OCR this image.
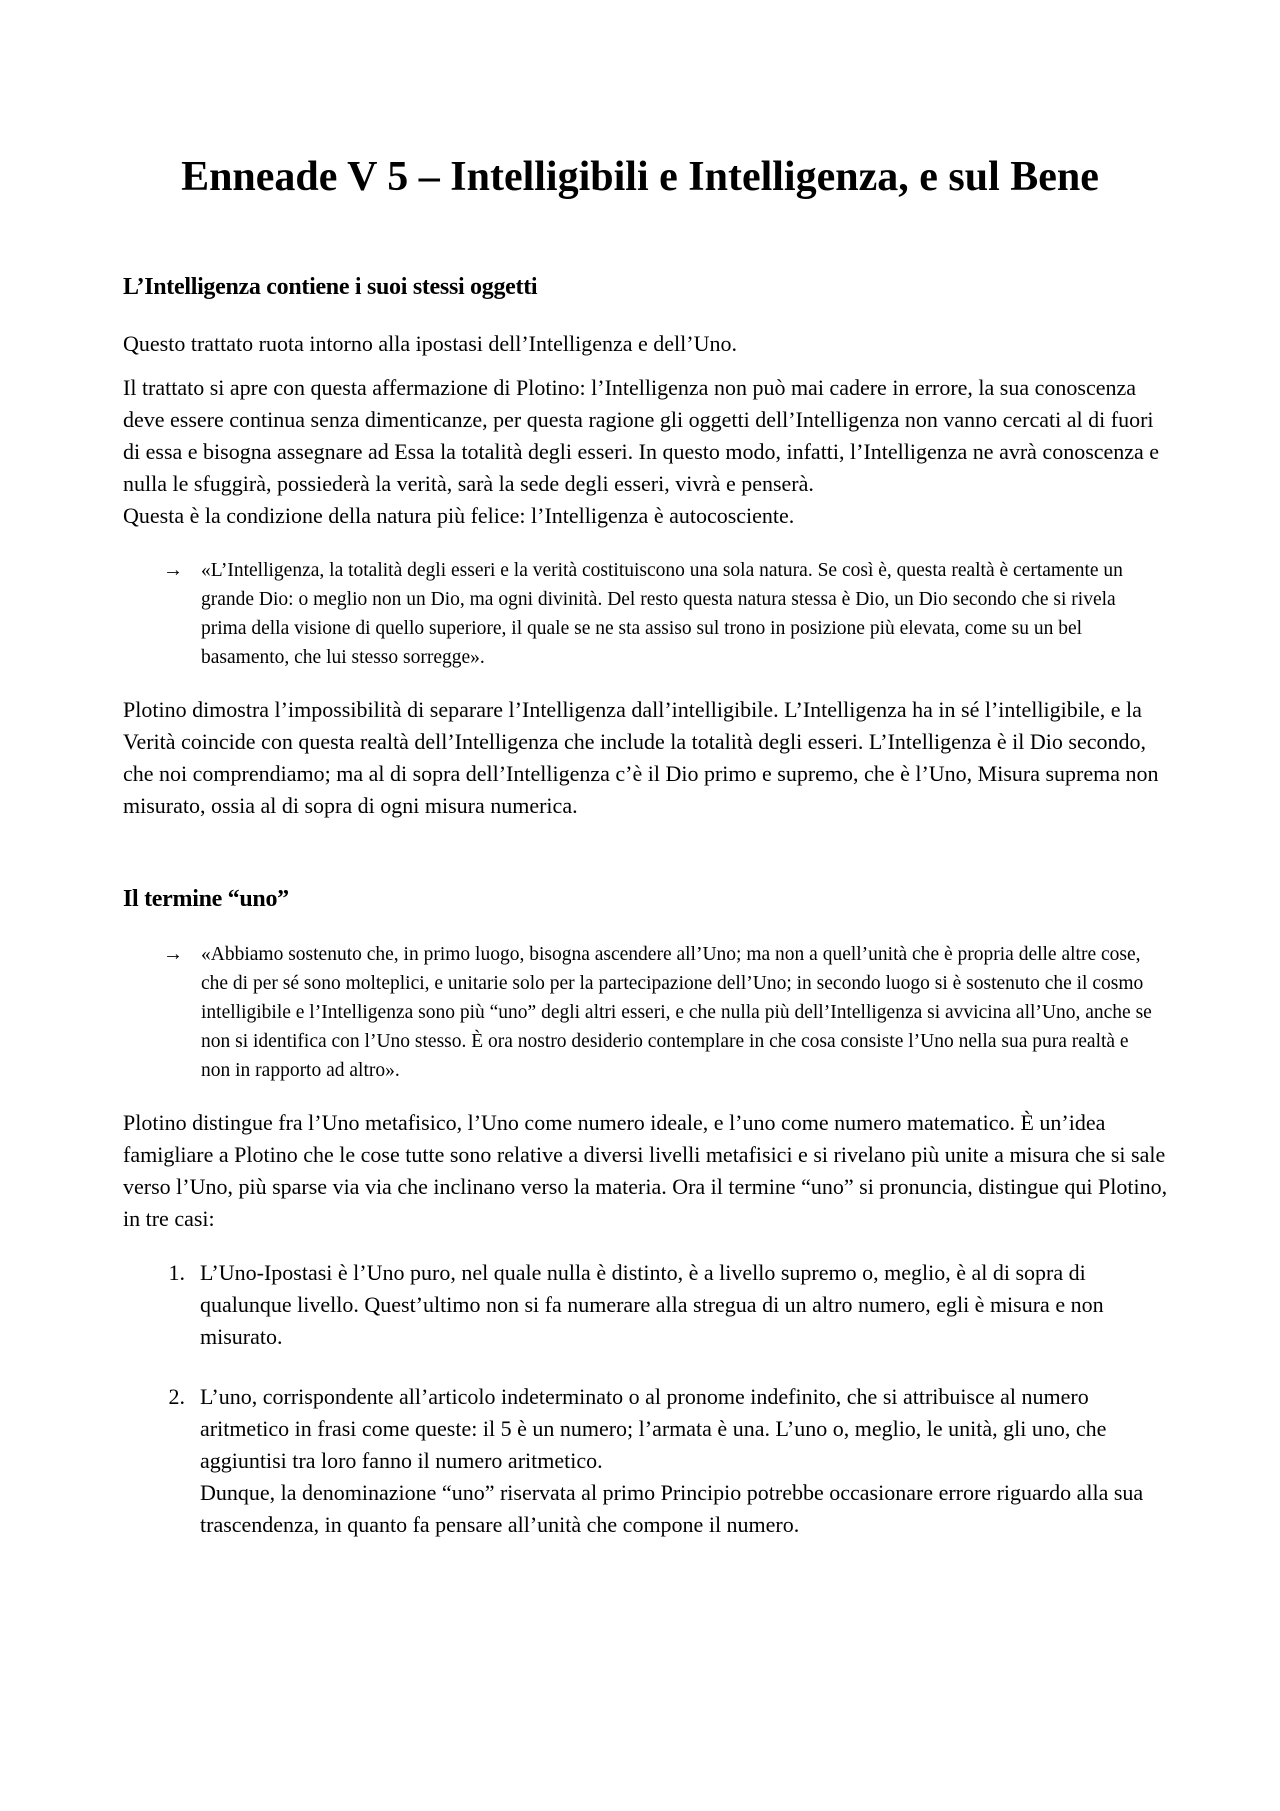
Enneade V 5 – Intelligibili e Intelligenza, e sul Bene
L’Intelligenza contiene i suoi stessi oggetti

Questo trattato ruota intorno alla ipostasi dell’Intelligenza e dell’Uno.

Il trattato si apre con questa affermazione di Plotino: l’Intelligenza non può mai cadere in errore, la sua conoscenza deve essere continua senza dimenticanze, per questa ragione gli oggetti dell’Intelligenza non vanno cercati al di fuori di essa e bisogna assegnare ad Essa la totalità degli esseri. In questo modo, infatti, l’Intelligenza ne avrà conoscenza e nulla le sfuggirà, possiederà la verità, sarà la sede degli esseri, vivrà e penserà.
Questa è la condizione della natura più felice: l’Intelligenza è autocosciente.

→ «L’Intelligenza, la totalità degli esseri e la verità costituiscono una sola natura. Se così è, questa realtà è certamente un grande Dio: o meglio non un Dio, ma ogni divinità. Del resto questa natura stessa è Dio, un Dio secondo che si rivela prima della visione di quello superiore, il quale se ne sta assiso sul trono in posizione più elevata, come su un bel basamento, che lui stesso sorregge».

Plotino dimostra l’impossibilità di separare l’Intelligenza dall’intelligibile. L’Intelligenza ha in sé l’intelligibile, e la Verità coincide con questa realtà dell’Intelligenza che include la totalità degli esseri. L’Intelligenza è il Dio secondo, che noi comprendiamo; ma al di sopra dell’Intelligenza c’è il Dio primo e supremo, che è l’Uno, Misura suprema non misurato, ossia al di sopra di ogni misura numerica.

Il termine “uno”
→ «Abbiamo sostenuto che, in primo luogo, bisogna ascendere all’Uno; ma non a quell’unità che è propria delle altre cose, che di per sé sono molteplici, e unitarie solo per la partecipazione dell’Uno; in secondo luogo si è sostenuto che il cosmo intelligibile e l’Intelligenza sono più “uno” degli altri esseri, e che nulla più dell’Intelligenza si avvicina all’Uno, anche se non si identifica con l’Uno stesso. È ora nostro desiderio contemplare in che cosa consiste l’Uno nella sua pura realtà e non in rapporto ad altro».

Plotino distingue fra l’Uno metafisico, l’Uno come numero ideale, e l’uno come numero matematico. È un’idea famigliare a Plotino che le cose tutte sono relative a diversi livelli metafisici e si rivelano più unite a misura che si sale verso l’Uno, più sparse via via che inclinano verso la materia. Ora il termine “uno” si pronuncia, distingue qui Plotino, in tre casi:

1. L’Uno-Ipostasi è l’Uno puro, nel quale nulla è distinto, è a livello supremo o, meglio, è al di sopra di qualunque livello. Quest’ultimo non si fa numerare alla stregua di un altro numero, egli è misura e non misurato.
2. L’uno, corrispondente all’articolo indeterminato o al pronome indefinito, che si attribuisce al numero aritmetico in frasi come queste: il 5 è un numero; l’armata è una. L’uno o, meglio, le unità, gli uno, che aggiuntisi tra loro fanno il numero aritmetico.
Dunque, la denominazione “uno” riservata al primo Principio potrebbe occasionare errore riguardo alla sua trascendenza, in quanto fa pensare all’unità che compone il numero.
